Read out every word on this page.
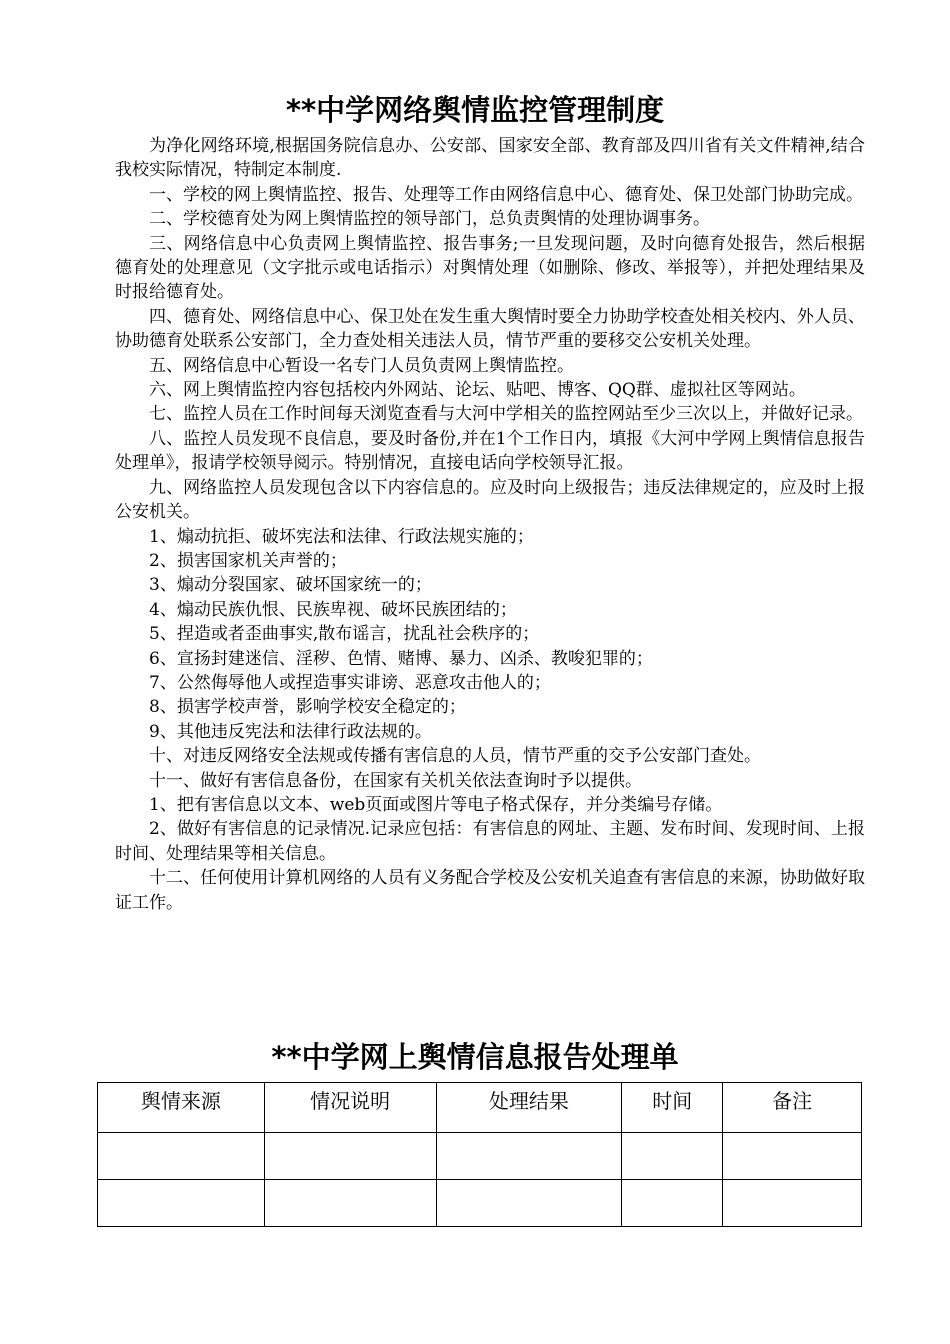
**中学网络舆情监控管理制度

为净化网络环境,根据国务院信息办、公安部、国家安全部、教育部及四川省有关文件精神,结合我校实际情况，特制定本制度.

一、学校的网上舆情监控、报告、处理等工作由网络信息中心、德育处、保卫处部门协助完成。

二、学校德育处为网上舆情监控的领导部门，总负责舆情的处理协调事务。

三、网络信息中心负责网上舆情监控、报告事务;一旦发现问题，及时向德育处报告，然后根据德育处的处理意见（文字批示或电话指示）对舆情处理（如删除、修改、举报等），并把处理结果及时报给德育处。

四、德育处、网络信息中心、保卫处在发生重大舆情时要全力协助学校查处相关校内、外人员、协助德育处联系公安部门，全力查处相关违法人员，情节严重的要移交公安机关处理。

五、网络信息中心暂设一名专门人员负责网上舆情监控。

六、网上舆情监控内容包括校内外网站、论坛、贴吧、博客、QQ群、虚拟社区等网站。

七、监控人员在工作时间每天浏览查看与大河中学相关的监控网站至少三次以上，并做好记录。

八、监控人员发现不良信息，要及时备份,并在1个工作日内，填报《大河中学网上舆情信息报告处理单》，报请学校领导阅示。特别情况，直接电话向学校领导汇报。

九、网络监控人员发现包含以下内容信息的。应及时向上级报告；违反法律规定的，应及时上报公安机关。

1、煽动抗拒、破坏宪法和法律、行政法规实施的；

2、损害国家机关声誉的；

3、煽动分裂国家、破坏国家统一的；

4、煽动民族仇恨、民族卑视、破坏民族团结的；

5、捏造或者歪曲事实,散布谣言，扰乱社会秩序的；

6、宣扬封建迷信、淫秽、色情、赌博、暴力、凶杀、教唆犯罪的；

7、公然侮辱他人或捏造事实诽谤、恶意攻击他人的；

8、损害学校声誉，影响学校安全稳定的；

9、其他违反宪法和法律行政法规的。

十、对违反网络安全法规或传播有害信息的人员，情节严重的交予公安部门查处。

十一、做好有害信息备份，在国家有关机关依法查询时予以提供。

1、把有害信息以文本、web页面或图片等电子格式保存，并分类编号存储。

2、做好有害信息的记录情况.记录应包括：有害信息的网址、主题、发布时间、发现时间、上报时间、处理结果等相关信息。

十二、任何使用计算机网络的人员有义务配合学校及公安机关追查有害信息的来源，协助做好取证工作。

**中学网上舆情信息报告处理单
舆情来源	情况说明	处理结果	时间	备注
